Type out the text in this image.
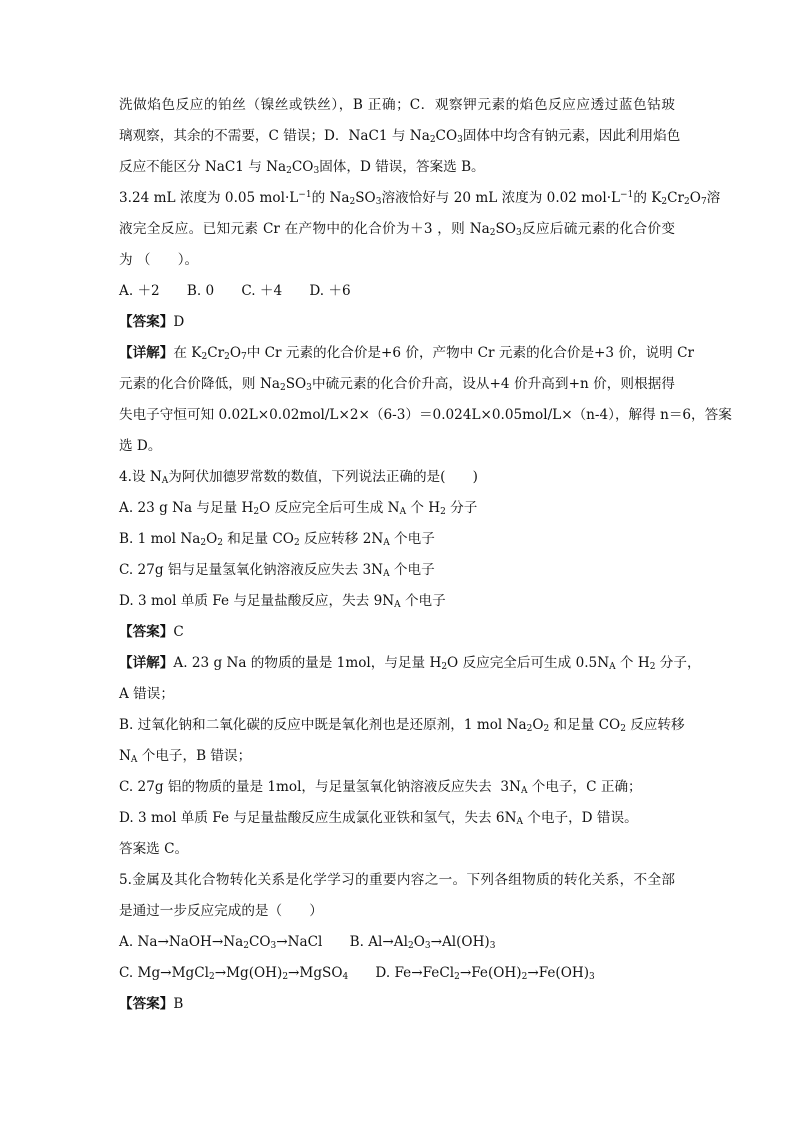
洗做焰色反应的铂丝（镍丝或铁丝），B 正确；C．观察钾元素的焰色反应应透过蓝色钴玻
璃观察，其余的不需要，C 错误；D．NaC1 与 $Na_2CO_3$固体中均含有钠元素，因此利用焰色
反应不能区分 NaC1 与 $Na_2CO_3$固体，D 错误，答案选 B。
3.24 mL 浓度为 0.05 $mol\cdot L^{-1}$的 $Na_2SO_3$溶液恰好与 20 mL 浓度为 0.02 $mol\cdot L^{-1}$的 $K_2Cr_2O_7$溶
液完全反应。已知元素 Cr 在产物中的化合价为＋3 ，则 $Na_2SO_3$反应后硫元素的化合价变
为 （　　）。
A. ＋2　　B. 0　　C. ＋4　　D. ＋6
【答案】D
【详解】在 $K_2Cr_2O_7$中 Cr 元素的化合价是+6 价，产物中 Cr 元素的化合价是+3 价，说明 Cr
元素的化合价降低，则 $Na_2SO_3$中硫元素的化合价升高，设从+4 价升高到+n 价，则根据得
失电子守恒可知 0.02L×0.02mol/L×2×（6-3）＝0.024L×0.05mol/L×（n-4），解得 n＝6，答案
选 D。
4.设 $N_A$为阿伏加德罗常数的数值，下列说法正确的是(　　)
A. 23 g Na 与足量 $H_2O$ 反应完全后可生成 $N_A$ 个 $H_2$ 分子
B. 1 mol $Na_2O_2$ 和足量 $CO_2$ 反应转移 $2N_A$ 个电子
C. 27g 铝与足量氢氧化钠溶液反应失去 $3N_A$ 个电子
D. 3 mol 单质 Fe 与足量盐酸反应，失去 $9N_A$ 个电子
【答案】C
【详解】A. 23 g Na 的物质的量是 1mol，与足量 $H_2O$ 反应完全后可生成 $0.5N_A$ 个 $H_2$ 分子，
A 错误；
B. 过氧化钠和二氧化碳的反应中既是氧化剂也是还原剂，1 mol $Na_2O_2$ 和足量 $CO_2$ 反应转移
$N_A$ 个电子，B 错误；
C. 27g 铝的物质的量是 1mol，与足量氢氧化钠溶液反应失去  $3N_A$ 个电子，C 正确；
D. 3 mol 单质 Fe 与足量盐酸反应生成氯化亚铁和氢气，失去 $6N_A$ 个电子，D 错误。
答案选 C。
5.金属及其化合物转化关系是化学学习的重要内容之一。下列各组物质的转化关系，不全部
是通过一步反应完成的是（　　）
A. $Na\to NaOH\to Na_2CO_3\to NaCl$　　B. $Al\to Al_2O_3\to Al(OH)_3$
C. $Mg\to MgCl_2\to Mg(OH)_2\to MgSO_4$　　D. $Fe\to FeCl_2\to Fe(OH)_2\to Fe(OH)_3$
【答案】B
